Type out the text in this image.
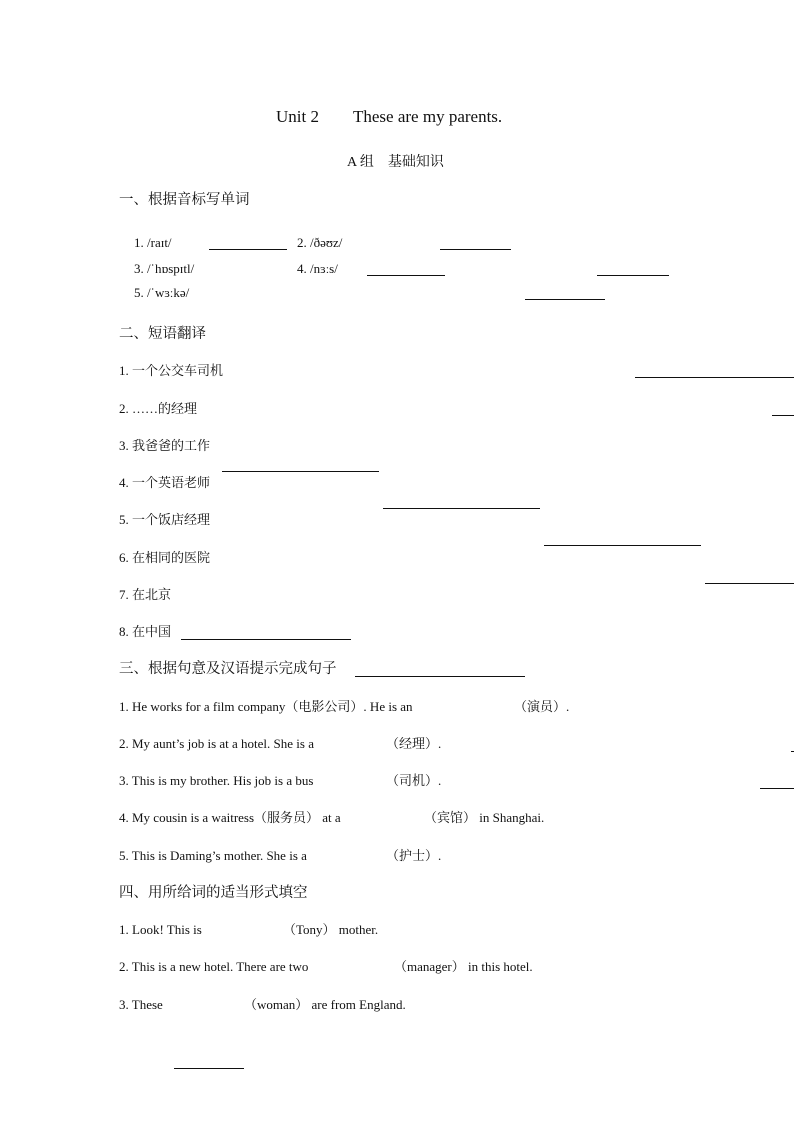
Unit 2 These are my parents.
A 组　基础知识
一、根据音标写单词
1. /raɪt/
	2. /ðəʊz/

3. /ˈhɒspɪtl/
	4. /nɜːs/

5. /ˈwɜːkə/

二、短语翻译
1. 一个公交车司机

2. ……的经理

3. 我爸爸的工作

4. 一个英语老师

5. 一个饭店经理

6. 在相同的医院

7. 在北京

8. 在中国

三、根据句意及汉语提示完成句子
1. He works for a film company（电影公司）. He is an
	（演员）.
2. My aunt’s job is at a hotel. She is a
	（经理）.
3. This is my brother. His job is a bus
	（司机）.
4. My cousin is a waitress（服务员） at a
	（宾馆） in Shanghai.
5. This is Daming’s mother. She is a
	（护士）.
四、用所给词的适当形式填空
1. Look! This is
	（Tony） mother.
2. This is a new hotel. There are two
	（manager） in this hotel.
3. These	（woman） are from England.
